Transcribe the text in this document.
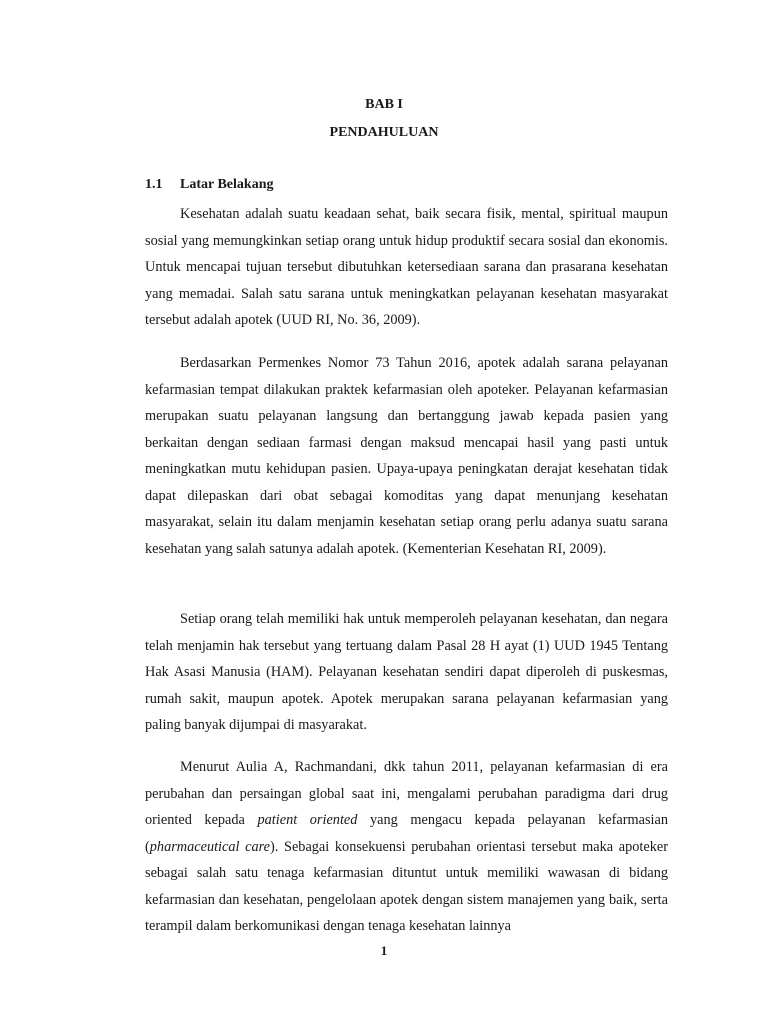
BAB I
PENDAHULUAN
1.1 Latar Belakang

Kesehatan adalah suatu keadaan sehat, baik secara fisik, mental, spiritual maupun sosial yang memungkinkan setiap orang untuk hidup produktif secara sosial dan ekonomis. Untuk mencapai tujuan tersebut dibutuhkan ketersediaan sarana dan prasarana kesehatan yang memadai. Salah satu sarana untuk meningkatkan pelayanan kesehatan masyarakat tersebut adalah apotek (UUD RI, No. 36, 2009).

Berdasarkan Permenkes Nomor 73 Tahun 2016, apotek adalah sarana pelayanan kefarmasian tempat dilakukan praktek kefarmasian oleh apoteker. Pelayanan kefarmasian merupakan suatu pelayanan langsung dan bertanggung jawab kepada pasien yang berkaitan dengan sediaan farmasi dengan maksud mencapai hasil yang pasti untuk meningkatkan mutu kehidupan pasien. Upaya-upaya peningkatan derajat kesehatan tidak dapat dilepaskan dari obat sebagai komoditas yang dapat menunjang kesehatan masyarakat, selain itu dalam menjamin kesehatan setiap orang perlu adanya suatu sarana kesehatan yang salah satunya adalah apotek. (Kementerian Kesehatan RI, 2009).

Setiap orang telah memiliki hak untuk memperoleh pelayanan kesehatan, dan negara telah menjamin hak tersebut yang tertuang dalam Pasal 28 H ayat (1) UUD 1945 Tentang Hak Asasi Manusia (HAM). Pelayanan kesehatan sendiri dapat diperoleh di puskesmas, rumah sakit, maupun apotek. Apotek merupakan sarana pelayanan kefarmasian yang paling banyak dijumpai di masyarakat.

Menurut Aulia A, Rachmandani, dkk tahun 2011, pelayanan kefarmasian di era perubahan dan persaingan global saat ini, mengalami perubahan paradigma dari drug oriented kepada patient oriented yang mengacu kepada pelayanan kefarmasian (pharmaceutical care). Sebagai konsekuensi perubahan orientasi tersebut maka apoteker sebagai salah satu tenaga kefarmasian dituntut untuk memiliki wawasan di bidang kefarmasian dan kesehatan, pengelolaan apotek dengan sistem manajemen yang baik, serta terampil dalam berkomunikasi dengan tenaga kesehatan lainnya

1
